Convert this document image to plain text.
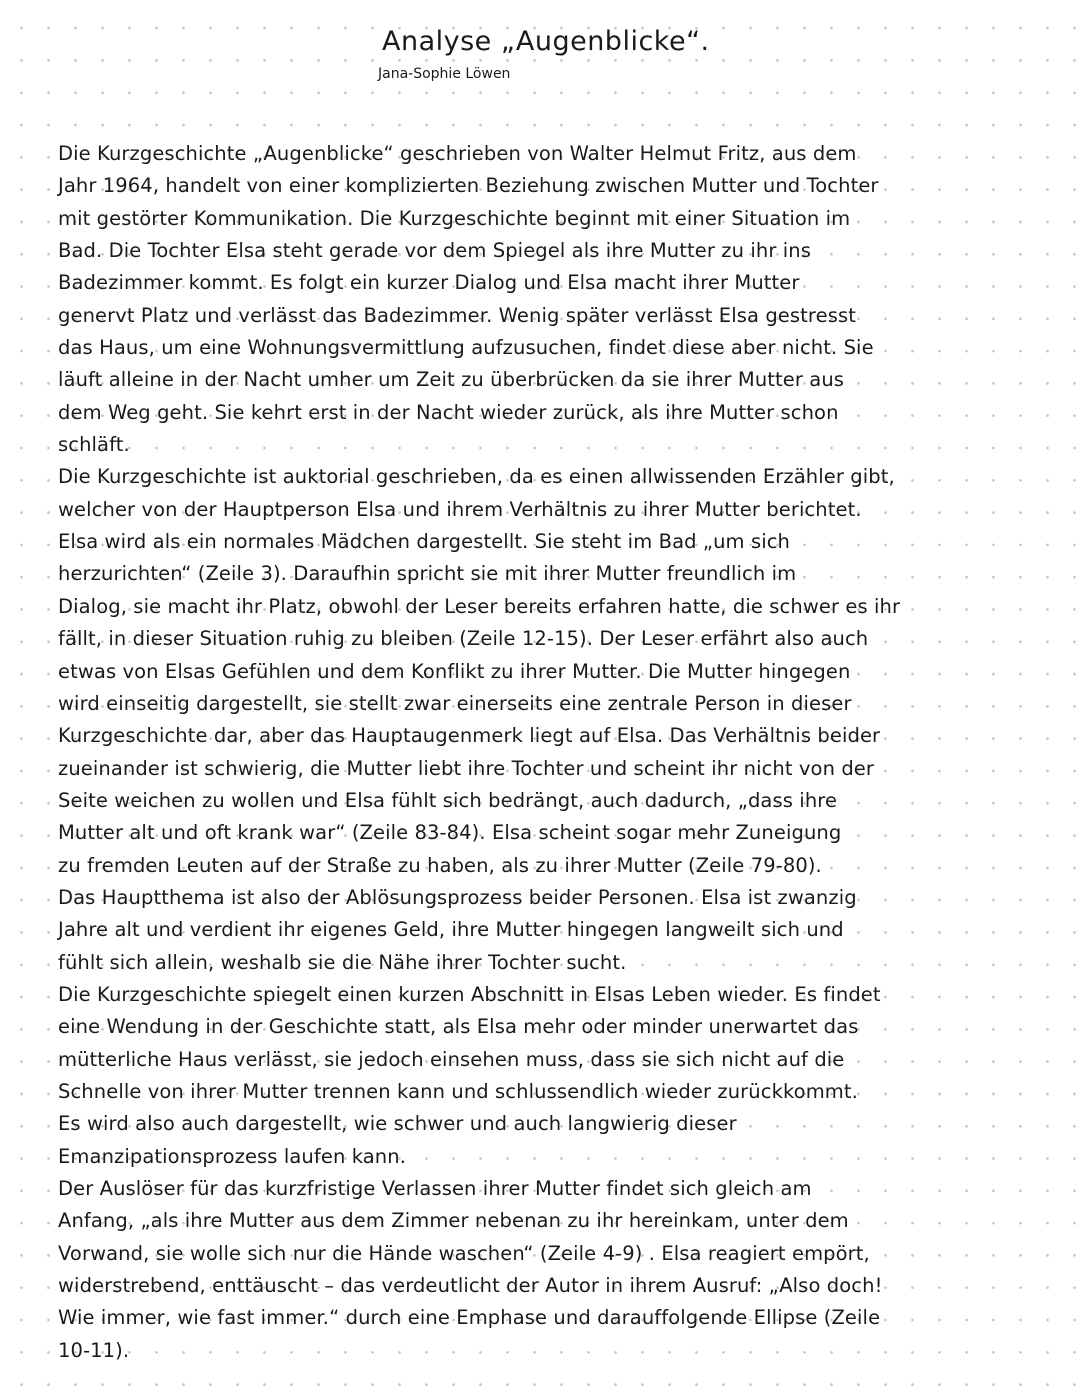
Analyse „Augenblicke“.
Jana-Sophie Löwen
Die Kurzgeschichte „Augenblicke“ geschrieben von Walter Helmut Fritz, aus dem
Jahr 1964, handelt von einer komplizierten Beziehung zwischen Mutter und Tochter
mit gestörter Kommunikation. Die Kurzgeschichte beginnt mit einer Situation im
Bad. Die Tochter Elsa steht gerade vor dem Spiegel als ihre Mutter zu ihr ins
Badezimmer kommt. Es folgt ein kurzer Dialog und Elsa macht ihrer Mutter
genervt Platz und verlässt das Badezimmer. Wenig später verlässt Elsa gestresst
das Haus, um eine Wohnungsvermittlung aufzusuchen, findet diese aber nicht. Sie
läuft alleine in der Nacht umher um Zeit zu überbrücken da sie ihrer Mutter aus
dem Weg geht. Sie kehrt erst in der Nacht wieder zurück, als ihre Mutter schon
schläft.
Die Kurzgeschichte ist auktorial geschrieben, da es einen allwissenden Erzähler gibt,
welcher von der Hauptperson Elsa und ihrem Verhältnis zu ihrer Mutter berichtet.
Elsa wird als ein normales Mädchen dargestellt. Sie steht im Bad „um sich
herzurichten“ (Zeile 3). Daraufhin spricht sie mit ihrer Mutter freundlich im
Dialog, sie macht ihr Platz, obwohl der Leser bereits erfahren hatte, die schwer es ihr
fällt, in dieser Situation ruhig zu bleiben (Zeile 12-15). Der Leser erfährt also auch
etwas von Elsas Gefühlen und dem Konflikt zu ihrer Mutter. Die Mutter hingegen
wird einseitig dargestellt, sie stellt zwar einerseits eine zentrale Person in dieser
Kurzgeschichte dar, aber das Hauptaugenmerk liegt auf Elsa. Das Verhältnis beider
zueinander ist schwierig, die Mutter liebt ihre Tochter und scheint ihr nicht von der
Seite weichen zu wollen und Elsa fühlt sich bedrängt, auch dadurch, „dass ihre
Mutter alt und oft krank war“ (Zeile 83-84). Elsa scheint sogar mehr Zuneigung
zu fremden Leuten auf der Straße zu haben, als zu ihrer Mutter (Zeile 79-80).
Das Hauptthema ist also der Ablösungsprozess beider Personen. Elsa ist zwanzig
Jahre alt und verdient ihr eigenes Geld, ihre Mutter hingegen langweilt sich und
fühlt sich allein, weshalb sie die Nähe ihrer Tochter sucht.
Die Kurzgeschichte spiegelt einen kurzen Abschnitt in Elsas Leben wieder. Es findet
eine Wendung in der Geschichte statt, als Elsa mehr oder minder unerwartet das
mütterliche Haus verlässt, sie jedoch einsehen muss, dass sie sich nicht auf die
Schnelle von ihrer Mutter trennen kann und schlussendlich wieder zurückkommt.
Es wird also auch dargestellt, wie schwer und auch langwierig dieser
Emanzipationsprozess laufen kann.
Der Auslöser für das kurzfristige Verlassen ihrer Mutter findet sich gleich am
Anfang, „als ihre Mutter aus dem Zimmer nebenan zu ihr hereinkam, unter dem
Vorwand, sie wolle sich nur die Hände waschen“ (Zeile 4-9) . Elsa reagiert empört,
widerstrebend, enttäuscht – das verdeutlicht der Autor in ihrem Ausruf: „Also doch!
Wie immer, wie fast immer.“ durch eine Emphase und darauffolgende Ellipse (Zeile
10-11).
